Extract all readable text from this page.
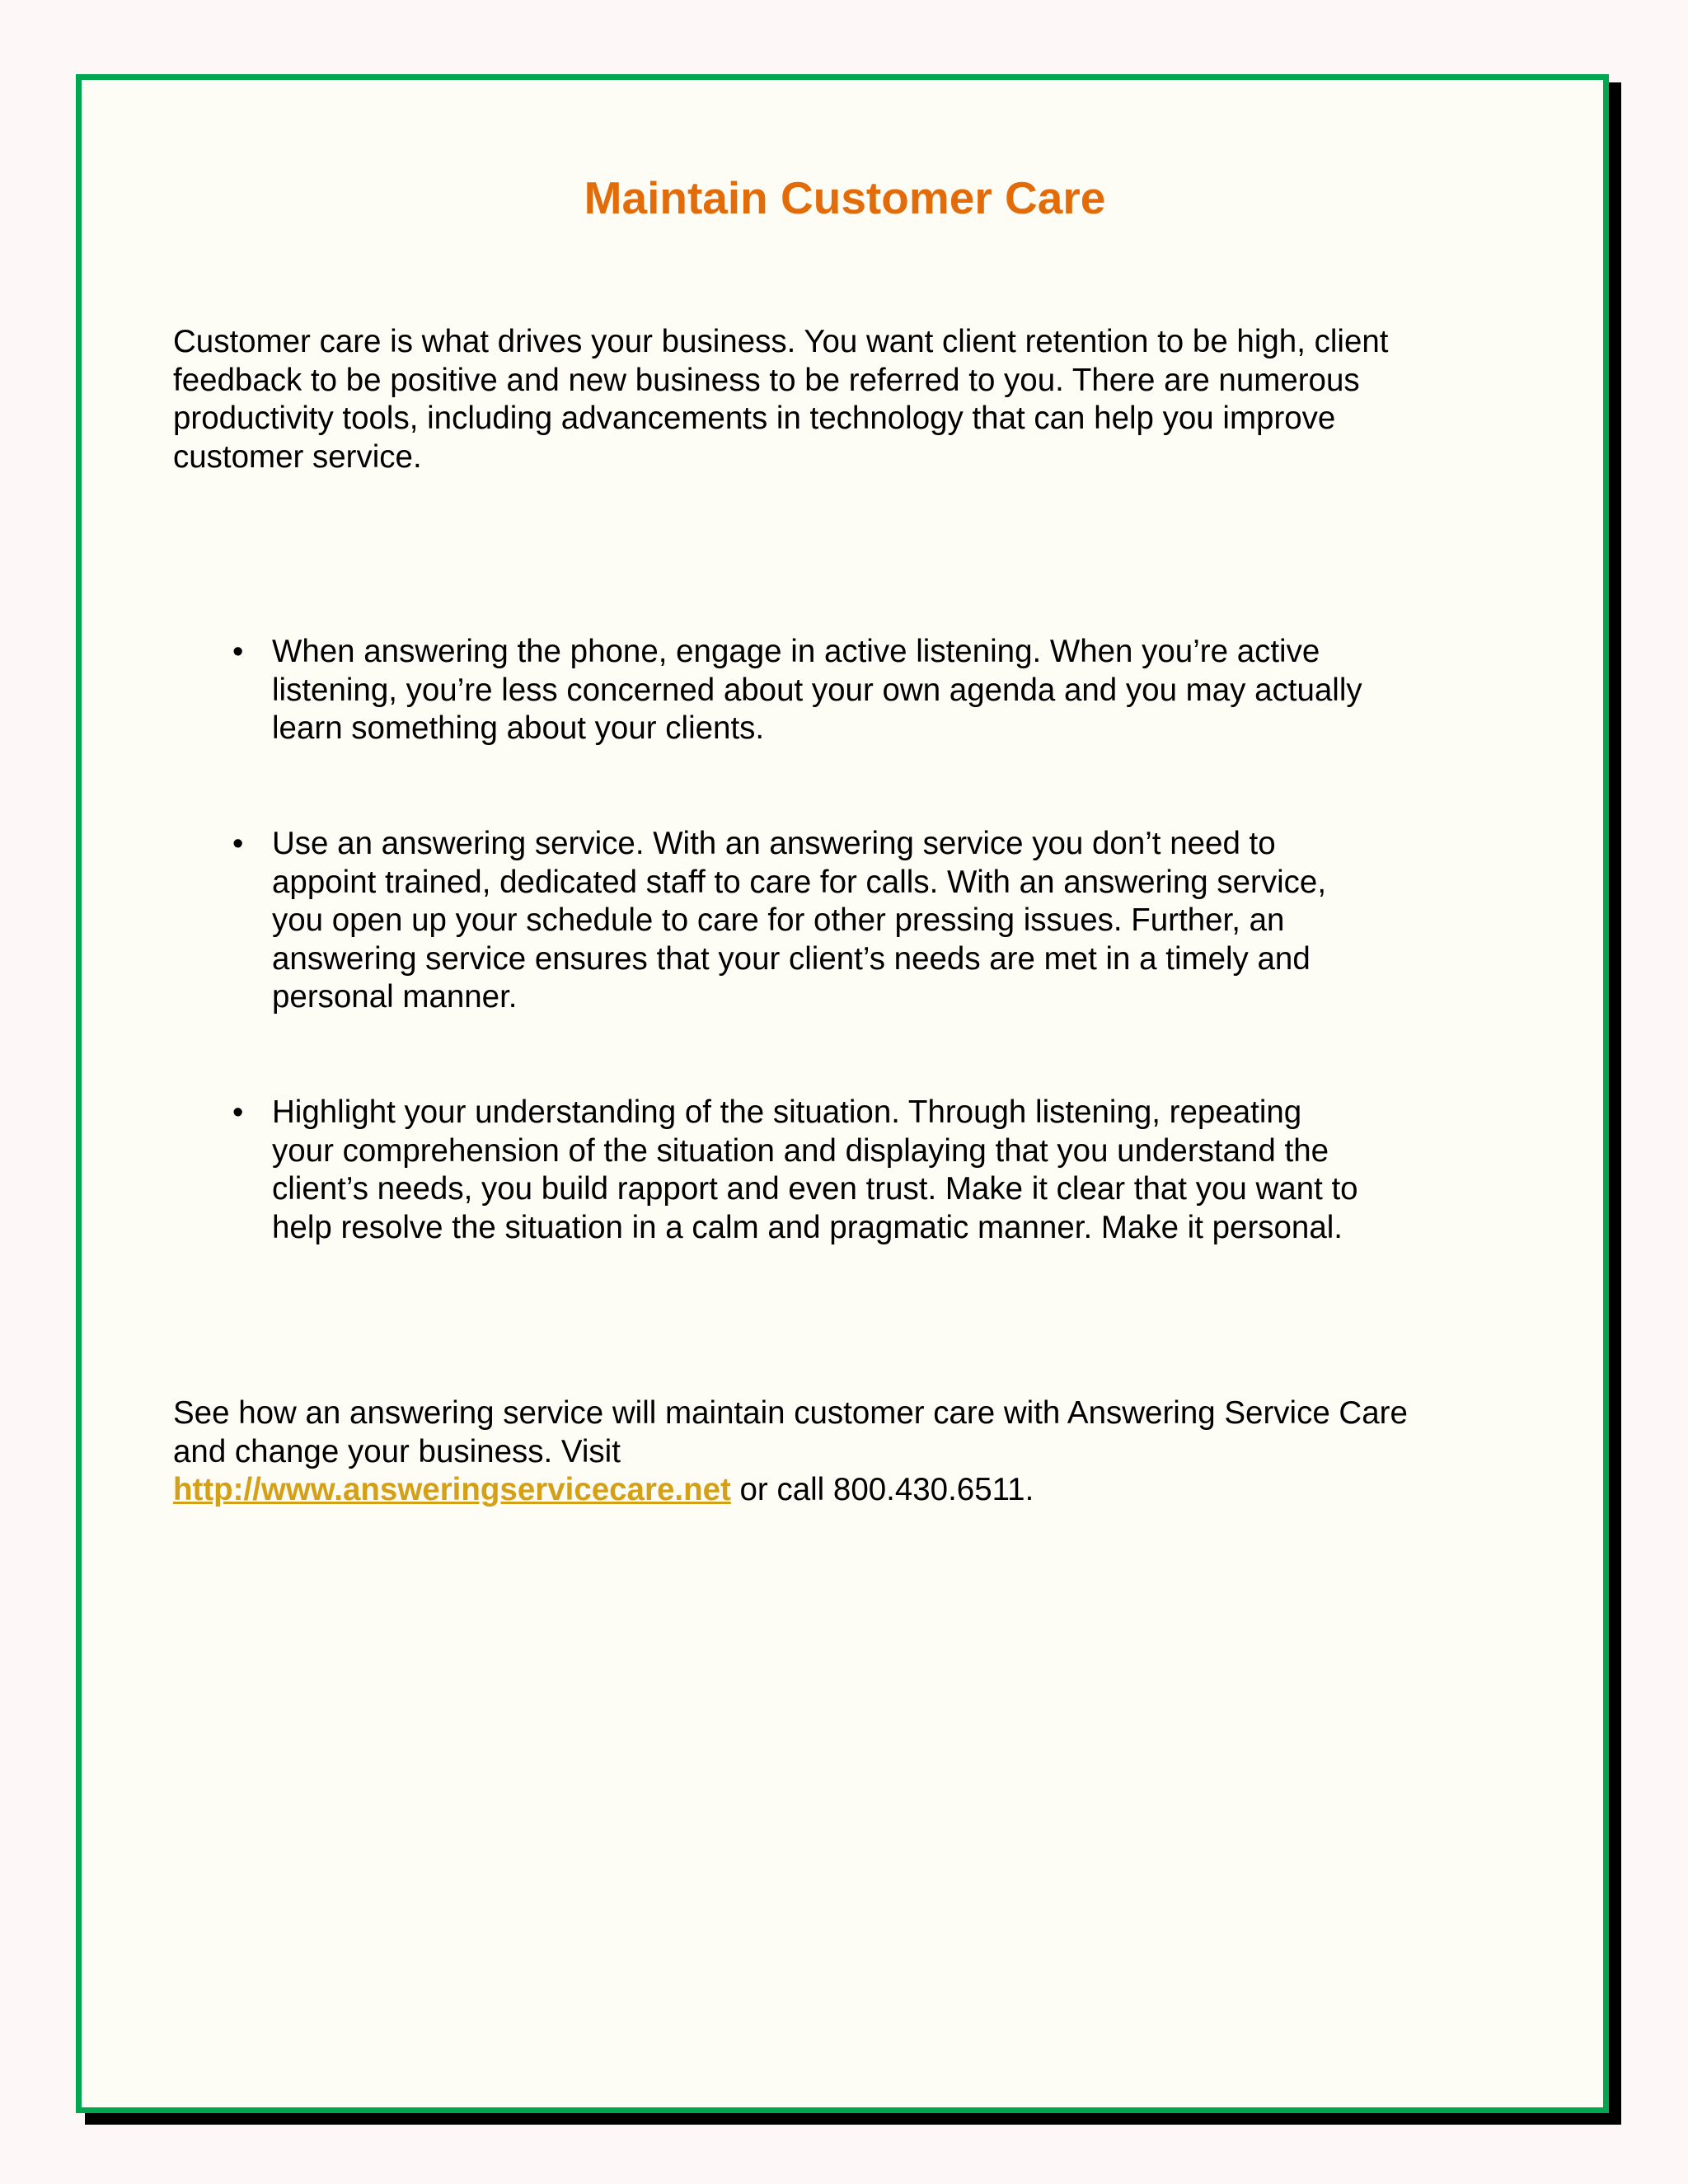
Maintain Customer Care

Customer care is what drives your business. You want client retention to be high, client feedback to be positive and new business to be referred to you. There are numerous productivity tools, including advancements in technology that can help you improve customer service.

• When answering the phone, engage in active listening. When you’re active listening, you’re less concerned about your own agenda and you may actually learn something about your clients.

• Use an answering service. With an answering service you don’t need to appoint trained, dedicated staff to care for calls. With an answering service, you open up your schedule to care for other pressing issues. Further, an answering service ensures that your client’s needs are met in a timely and personal manner.

• Highlight your understanding of the situation. Through listening, repeating your comprehension of the situation and displaying that you understand the client’s needs, you build rapport and even trust. Make it clear that you want to help resolve the situation in a calm and pragmatic manner. Make it personal.

See how an answering service will maintain customer care with Answering Service Care and change your business. Visit
http://www.answeringservicecare.net or call 800.430.6511.
